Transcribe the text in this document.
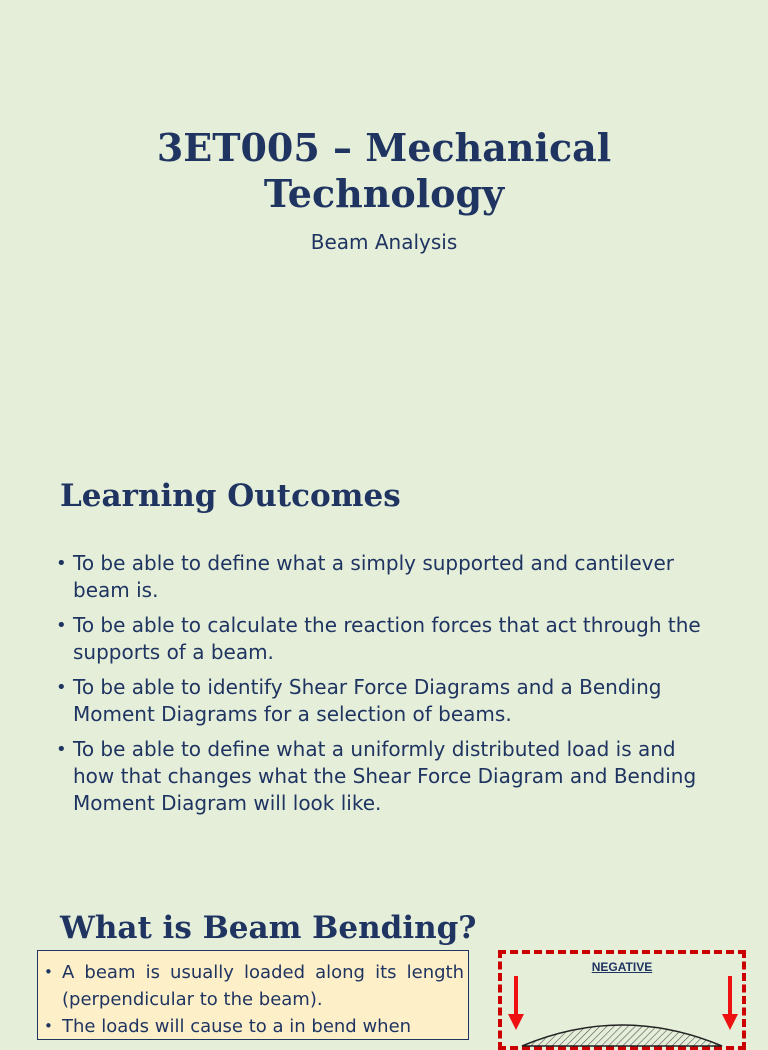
3ET005 – Mechanical
Technology

Beam Analysis

Learning Outcomes
• To be able to define what a simply supported and cantilever beam is.
• To be able to calculate the reaction forces that act through the supports of a beam.
• To be able to identify Shear Force Diagrams and a Bending Moment Diagrams for a selection of beams.
• To be able to define what a uniformly distributed load is and how that changes what the Shear Force Diagram and Bending Moment Diagram will look like.
What is Beam Bending?
• A beam is usually loaded along its length (perpendicular to the beam).
• The loads will cause to a in bend when
NEGATIVE
